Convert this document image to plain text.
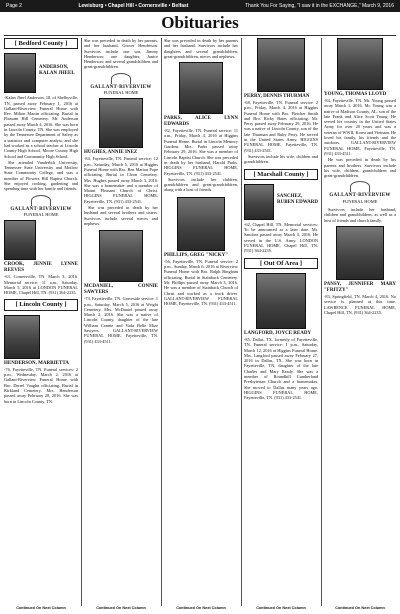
Page 2	Lewisburg • Chapel Hill • Cornersville • Belfast	Thank You For Saying, "I saw it in the EXCHANGE," March 9, 2016
Obituaries
[ Bedford County ]
ANDERSON, KALAN JHEEL

-Kalan Jheel Anderson, 18, of Shelbyville, TN, passed away February 1, 2016 at Gallant-Riverview Funeral Home with Rev. Milton Martin officiating. Burial in Pleasant Hill Cemetery. Mr. Anderson passed away March 4, 2016. She was born in Lincoln County, TN. She was employed by the Tennessee Department of Safety as a statistics and computer analyst; and she had worked as a school teacher at Lincoln County High School, Moore County High School and Community High School.

She attended Vanderbilt University, Tennessee State University and Motlow State Community College, and was a member of Flowers Hill Baptist Church. She enjoyed cooking, gardening and spending time with her family and friends.

GALLANT·RIVERVIEW
FUNERAL HOME
CROOK, JENNIE LYNNE REEVES

-63, Cornersville, TN. March 3, 2016. Memorial service: 11 a.m., Saturday, March 5, 2016 at LONDON FUNERAL HOME, Chapel Hill, TN. (931) 364-2235.

[ Lincoln County ]
HENDERSON, MARRIETTA

-76, Fayetteville, TN. Funeral services: 2 p.m., Wednesday, March 2, 2016 at Gallant-Riverview Funeral Home with Bro. Derrel Vaughn officiating. Burial in Kirkland Cemetery. Mrs. Henderson passed away February 28, 2016. She was born in Lincoln County, TN.

She was preceded in death by her parents, and her husband, Grover Henderson. Survivors include one son, Jimmy Henderson; one daughter, Janice Henderson; and several grandchildren and great-grandchildren.

GALLANT·RIVERVIEW
FUNERAL HOME
HUGHES, ANNIE INEZ

-84, Fayetteville, TN. Funeral service: 12 p.m., Saturday, March 5, 2016 at Higgins Funeral Home with Bro. Ben Marion Pope officiating. Burial in Cleon Cemetery. Mrs. Hughes passed away March 3, 2016. She was a homemaker and a member of Mount Pleasant Church of Christ. HIGGINS FUNERAL HOME, Fayetteville, TN. (931) 433-2541.

She was preceded in death by her husband and several brothers and sisters. Survivors include several nieces and nephews.

MCDANIEL, CONNIE SAWYERS

-73, Fayetteville, TN. Graveside service: 1 p.m., Saturday, March 5, 2016 at Wright Cemetery. Mrs. McDaniel passed away March 2, 2016. She was a native of Lincoln County, daughter of the late William Connie and Vada Belle Mize Sawyers. GALLANT-RIVERVIEW FUNERAL HOME, Fayetteville, TN. (931) 433-4511.

She was preceded in death by her parents and her husband. Survivors include her daughters and several grandchildren, great-grandchildren, nieces and nephews.

PARKS, ALICE LYNN EDWARDS

-82, Fayetteville, TN. Funeral service: 11 a.m., Friday, March 4, 2016 at Higgins Funeral Home. Burial in Lincoln Memory Gardens. Mrs. Parks passed away February 29, 2016. She was a member of Lincoln Baptist Church. She was preceded in death by her husband, Harold Parks. HIGGINS FUNERAL HOME, Fayetteville, TN. (931) 433-2541.

Survivors include her children, grandchildren and great-grandchildren, along with a host of friends.

PHILLIPS, GREG "NICKY"

-56, Fayetteville, TN. Funeral service: 2 p.m., Sunday, March 6, 2016 at Riverview Funeral Home with Bro. Ralph Bingham officiating. Burial in Stainback Cemetery. Mr. Phillips passed away March 3, 2016. He was a member of Stainback Church of Christ and worked as a truck driver. GALLANT-RIVERVIEW FUNERAL HOME, Fayetteville, TN. (931) 433-4511.

PERRY, DENNIS THURMAN

-68, Fayetteville, TN. Funeral service: 2 p.m., Friday, March 4, 2016 at Higgins Funeral Home with Bro. Fletcher Smith and Bro. Ricky Bates officiating. Mr. Perry passed away February 29, 2016. He was a native of Lincoln County, son of the late Thurman and Ruby Perry. He served in the United States Army. HIGGINS FUNERAL HOME, Fayetteville, TN. (931) 433-2541.

Survivors include his wife, children and grandchildren.

[ Marshall County ]
SANCHEZ, RUBEN EDWARD

-62, Chapel Hill, TN. Memorial services: To be announced at a later date. Mr. Sanchez passed away March 3, 2016. He served in the U.S. Army. LONDON FUNERAL HOME, Chapel Hill, TN. (931) 364-2235.

[ Out Of Area ]
LANGFORD, JOYCE READY

-85, Dallas, TX, formerly of Fayetteville, TN. Funeral service: 1 p.m., Saturday, March 12, 2016 at Higgins Funeral Home. Mrs. Langford passed away February 27, 2016 in Dallas, TX. She was born in Fayetteville, TN, daughter of the late Charles and Mary Ready. She was a member of Roundhill Cumberland Presbyterian Church and a homemaker. She moved to Dallas many years ago. HIGGINS FUNERAL HOME, Fayetteville, TN. (931) 433-2541.

YOUNG, THOMAS LLOYD

-84, Fayetteville, TN. Mr. Young passed away March 1, 2016. Mr. Young was a native of Madison County, AL, son of the late Frank and Alice Scott Young. He served his country in the United States Army for over 20 years and was a veteran of WWII, Korea and Vietnam. He loved his family, his friends and the outdoors. GALLANT-RIVERVIEW FUNERAL HOME, Fayetteville, TN. (931) 433-4511.

He was preceded in death by his parents and brothers. Survivors include his wife, children, grandchildren and great-grandchildren.

GALLANT·RIVERVIEW
FUNERAL HOME

Survivors include her husband, children and grandchildren, as well as a host of friends and church family.

PANSY, JENNIFER MARY "FRITZY"

-83, Springfield, TN. March 4, 2016. No service is planned at this time. LAWRENCE FUNERAL HOME, Chapel Hill, TN. (931) 364-2235.

Continued On Next Column	Continued On Next Column	Continued On Next Column	Continued On Next Column	Continued On Next Column
